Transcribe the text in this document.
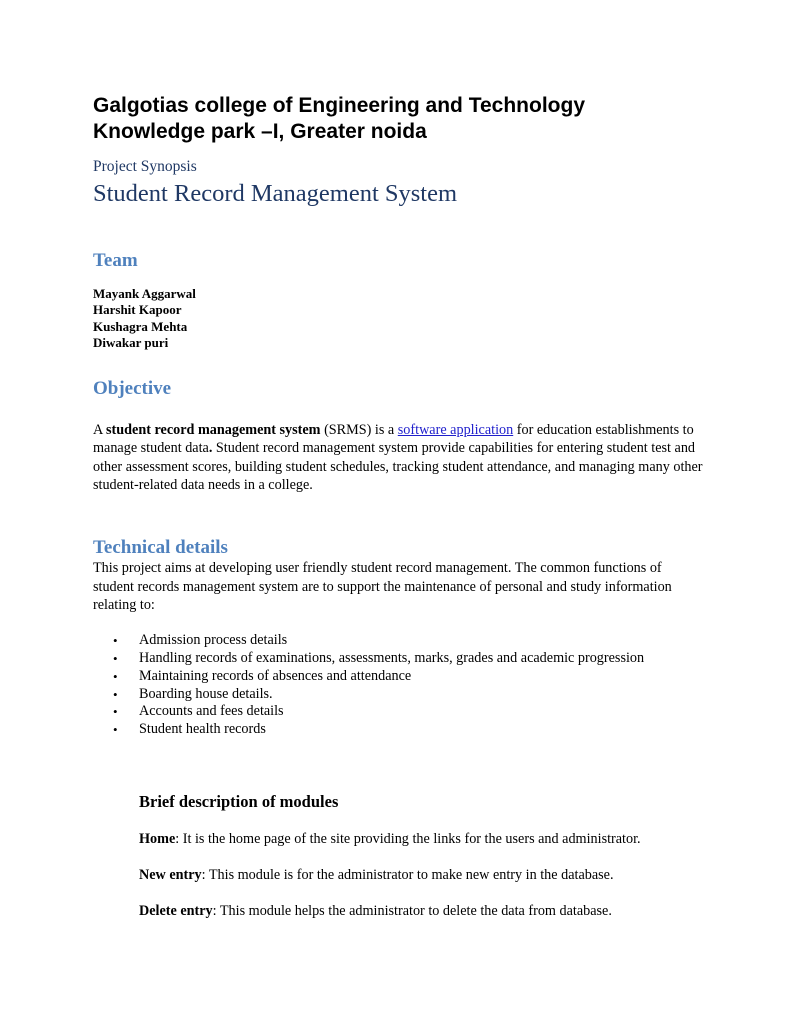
Galgotias college of Engineering and Technology

Knowledge park –I, Greater noida

Project Synopsis

Student Record Management System

Team

Mayank Aggarwal
Harshit Kapoor
Kushagra Mehta
Diwakar puri

Objective

A student record management system (SRMS) is a software application for education establishments to manage student data. Student record management system provide capabilities for entering student test and other assessment scores, building student schedules, tracking student attendance, and managing many other student-related data needs in a college.

Technical details

This project aims at developing user friendly student record management. The common functions of student records management system are to support the maintenance of personal and study information relating to:

• Admission process details
• Handling records of examinations, assessments, marks, grades and academic progression
• Maintaining records of absences and attendance
• Boarding house details.
• Accounts and fees details
• Student health records

Brief description of modules

Home: It is the home page of the site providing the links for the users and administrator.

New entry: This module is for the administrator to make new entry in the database.

Delete entry: This module helps the administrator to delete the data from database.
